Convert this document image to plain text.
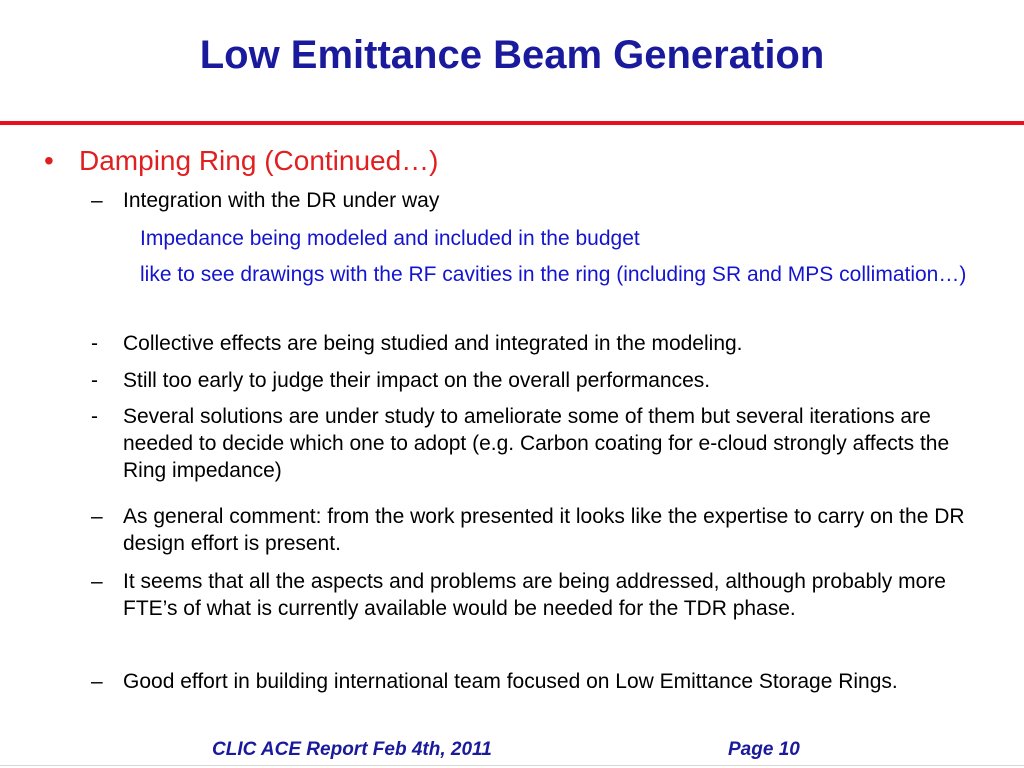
Low Emittance Beam Generation
• Damping Ring (Continued…)
– Integration with the DR under way
Impedance being modeled and included in the budget
like to see drawings with the RF cavities in the ring (including SR and MPS collimation…)
-	Collective effects are being studied and integrated in the modeling.
-	Still too early to judge their impact on the overall performances.
-	Several solutions are under study to ameliorate some of them but several iterations are needed to decide which one to adopt (e.g. Carbon coating for e-cloud strongly affects the Ring impedance)
– As general comment: from the work presented it looks like the expertise to carry on the DR design effort is present.
– It seems that all the aspects and problems are being addressed, although probably more FTE’s of what is currently available would be needed for the TDR phase.
– Good effort in building international team focused on Low Emittance Storage Rings.
CLIC ACE Report Feb 4th, 2011	Page 10
